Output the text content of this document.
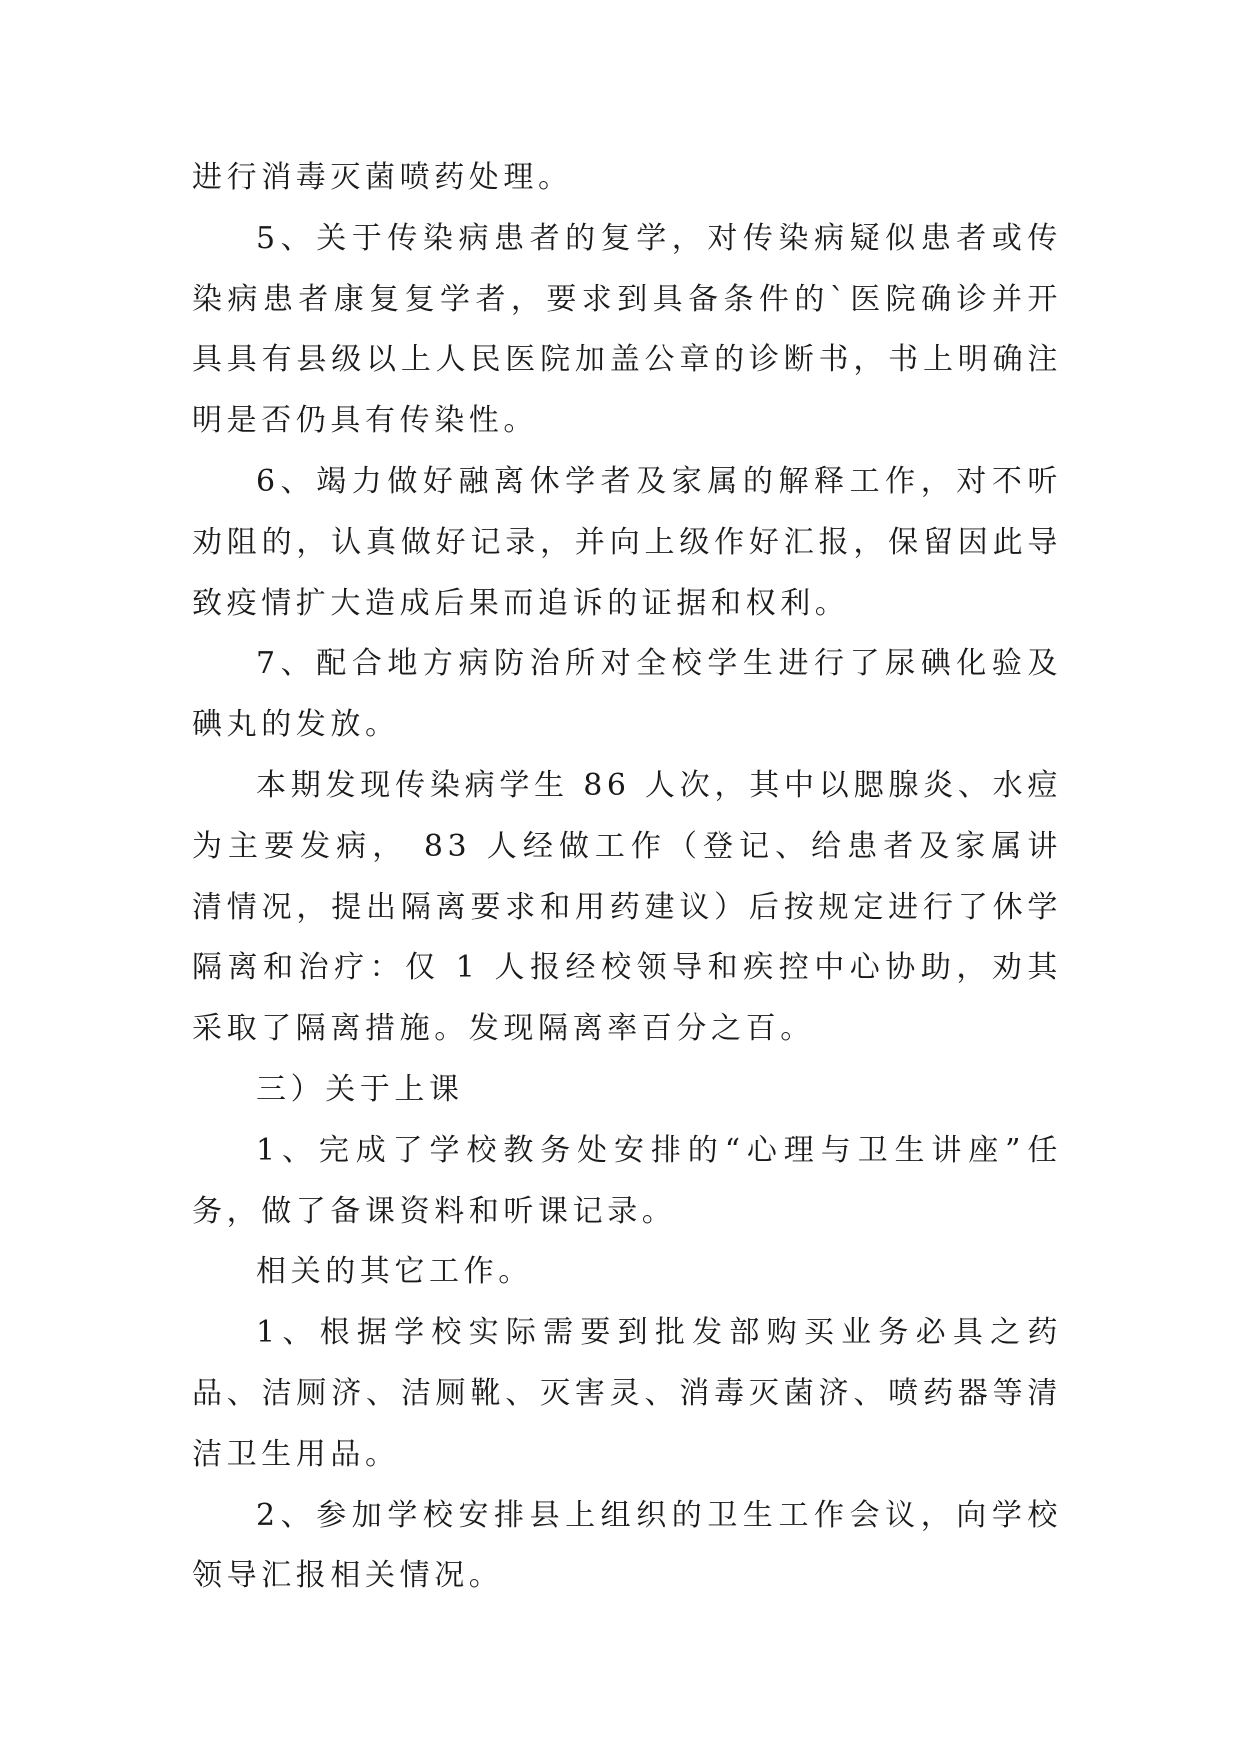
进行消毒灭菌喷药处理。

5、关于传染病患者的复学，对传染病疑似患者或传染病患者康复复学者，要求到具备条件的`医院确诊并开具具有县级以上人民医院加盖公章的诊断书，书上明确注明是否仍具有传染性。

6、竭力做好融离休学者及家属的解释工作，对不听劝阻的，认真做好记录，并向上级作好汇报，保留因此导致疫情扩大造成后果而追诉的证据和权利。

7、配合地方病防治所对全校学生进行了尿碘化验及碘丸的发放。

本期发现传染病学生 86 人次，其中以腮腺炎、水痘为主要发病， 83 人经做工作（登记、给患者及家属讲清情况，提出隔离要求和用药建议）后按规定进行了休学隔离和治疗：仅 1 人报经校领导和疾控中心协助，劝其采取了隔离措施。发现隔离率百分之百。

三）关于上课

1、完成了学校教务处安排的“心理与卫生讲座”任务，做了备课资料和听课记录。

相关的其它工作。

1、根据学校实际需要到批发部购买业务必具之药品、洁厕济、洁厕靴、灭害灵、消毒灭菌济、喷药器等清洁卫生用品。

2、参加学校安排县上组织的卫生工作会议，向学校领导汇报相关情况。
